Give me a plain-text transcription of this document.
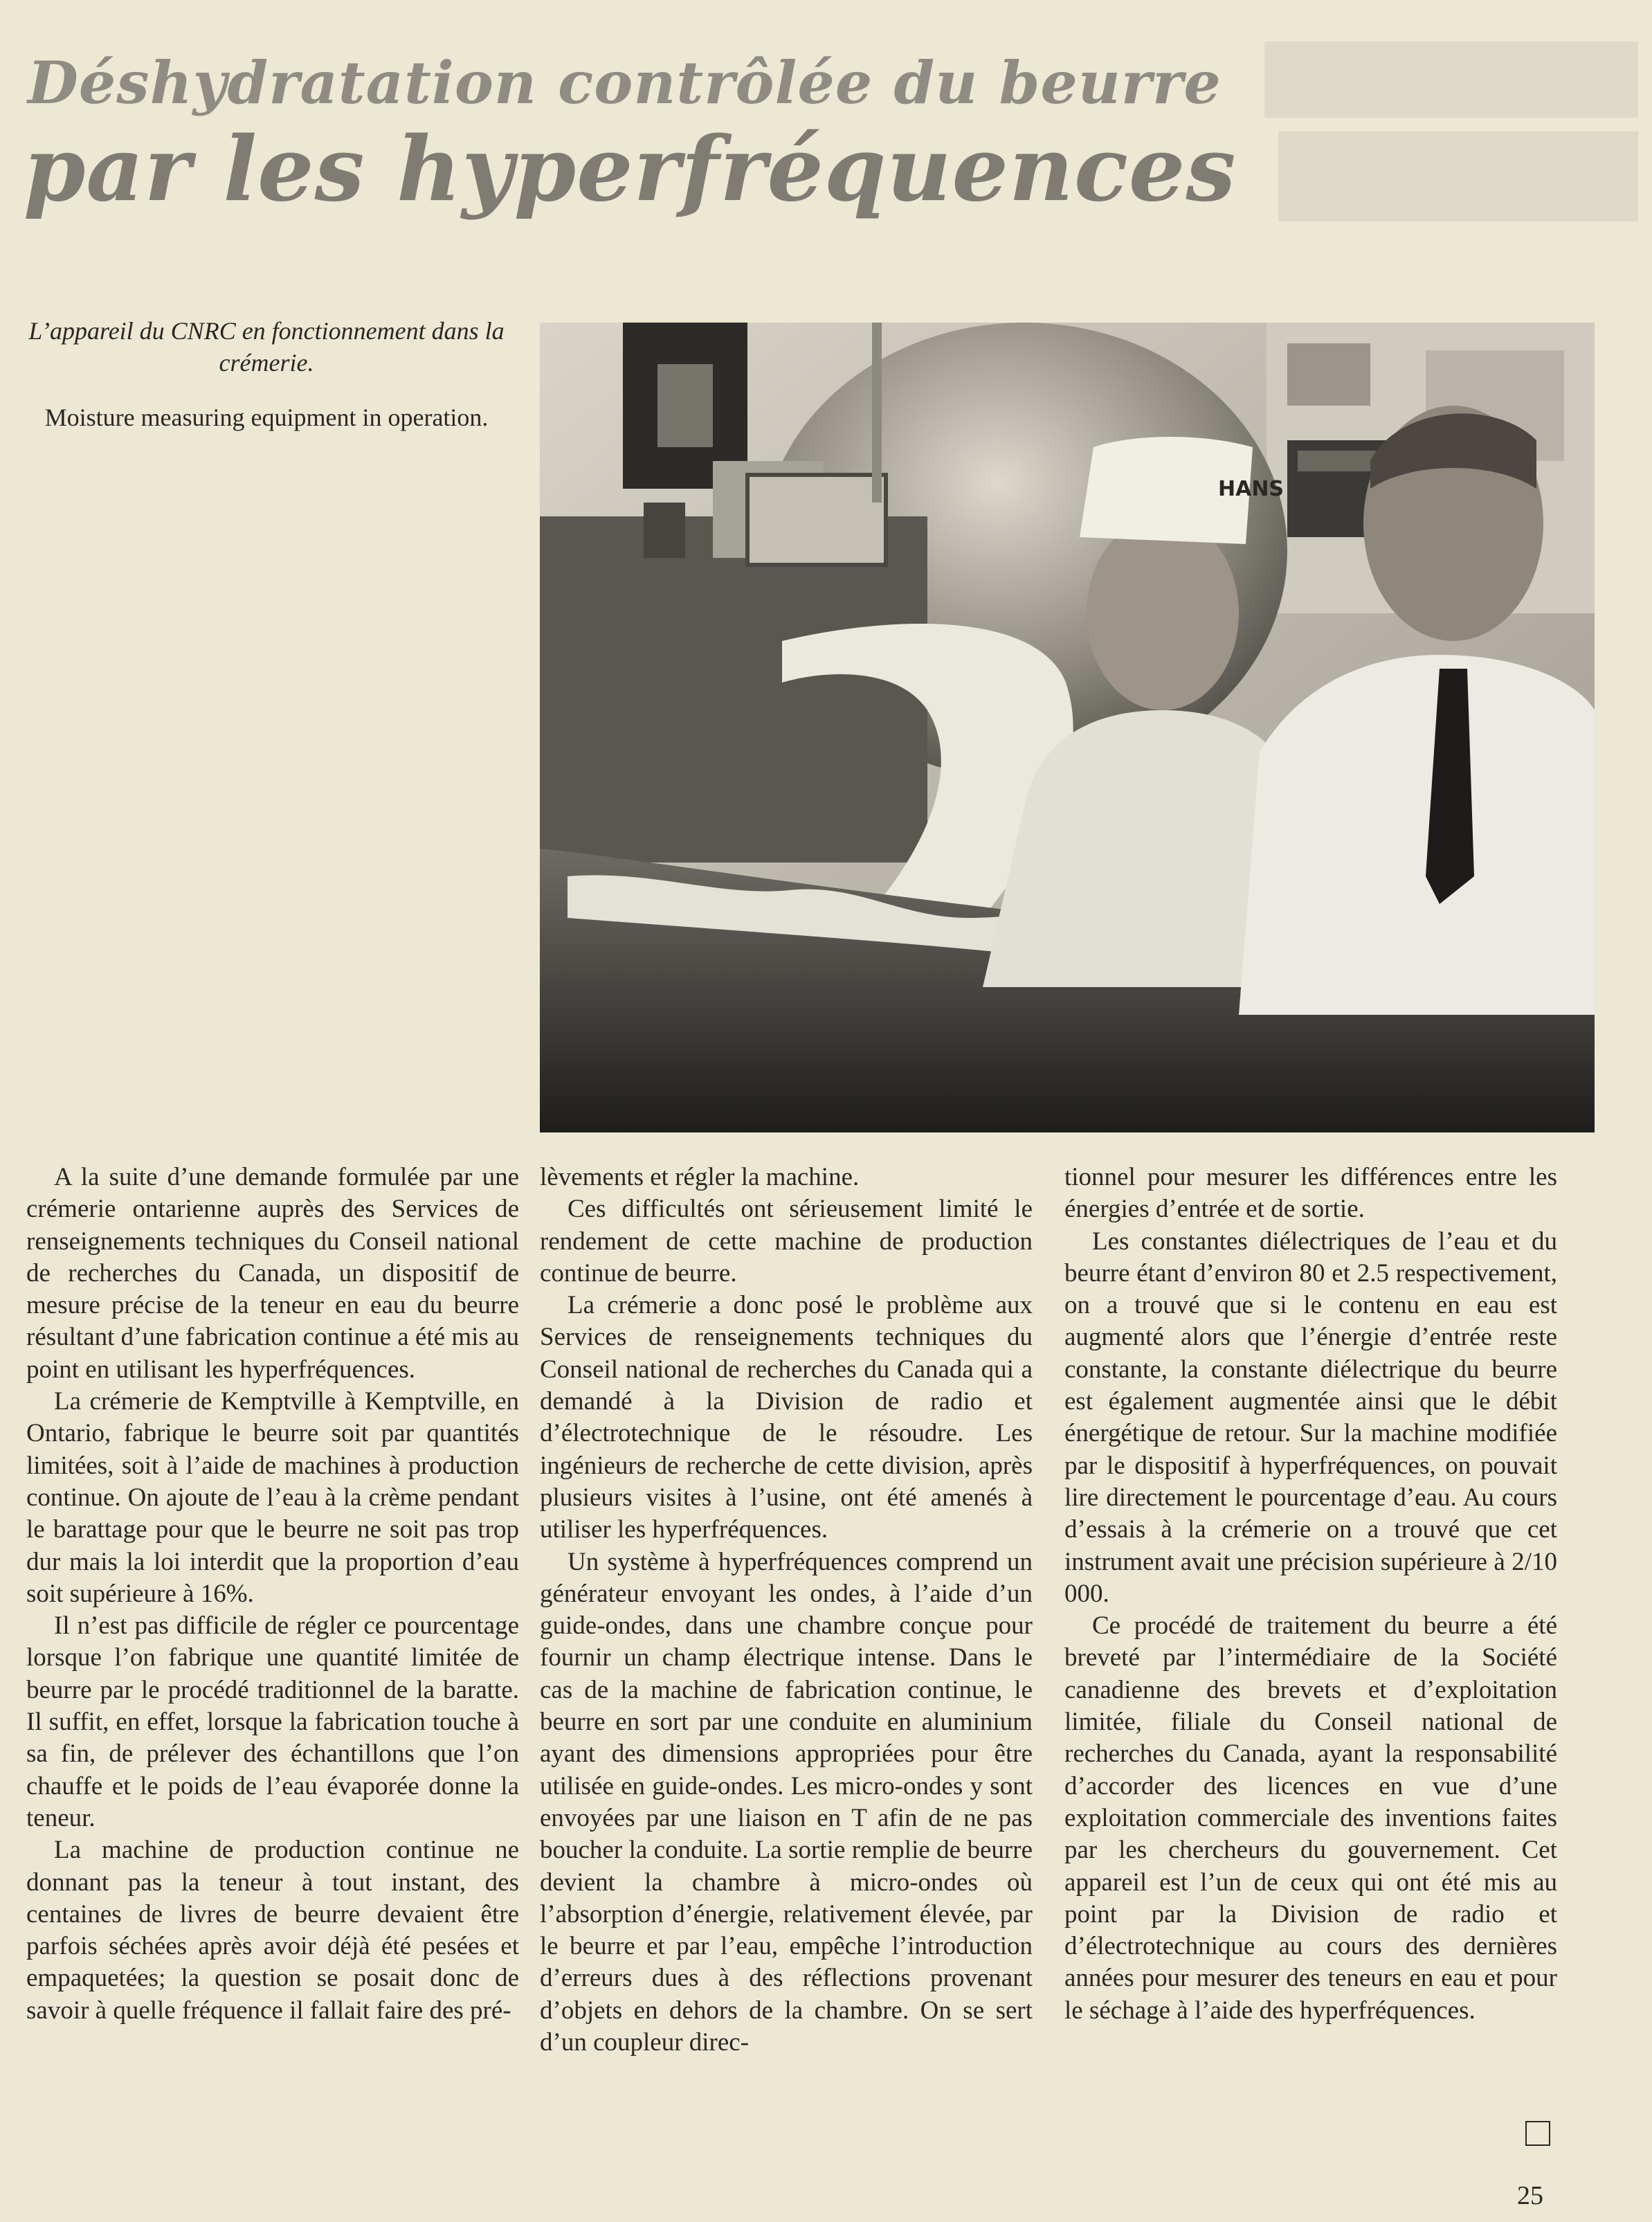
Déshydratation contrôlée du beurre
par les hyperfréquences
L’appareil du CNRC en fonctionnement dans la crémerie.
Moisture measuring equipment in operation.
HANS

A la suite d’une demande formulée par une crémerie ontarienne auprès des Services de renseignements techniques du Conseil national de recherches du Canada, un dispositif de mesure précise de la teneur en eau du beurre résultant d’une fabrication continue a été mis au point en utilisant les hyperfréquences.

La crémerie de Kemptville à Kemptville, en Ontario, fabrique le beurre soit par quantités limitées, soit à l’aide de machines à production continue. On ajoute de l’eau à la crème pendant le barattage pour que le beurre ne soit pas trop dur mais la loi interdit que la proportion d’eau soit supérieure à 16%.

Il n’est pas difficile de régler ce pourcentage lorsque l’on fabrique une quantité limitée de beurre par le procédé traditionnel de la baratte. Il suffit, en effet, lorsque la fabrication touche à sa fin, de prélever des échantillons que l’on chauffe et le poids de l’eau évaporée donne la teneur.

La machine de production continue ne donnant pas la teneur à tout instant, des centaines de livres de beurre devaient être parfois séchées après avoir déjà été pesées et empaquetées; la question se posait donc de savoir à quelle fréquence il fallait faire des pré-

lèvements et régler la machine.

Ces difficultés ont sérieusement limité le rendement de cette machine de production continue de beurre.

La crémerie a donc posé le problème aux Services de renseignements techniques du Conseil national de recherches du Canada qui a demandé à la Division de radio et d’électrotechnique de le résoudre. Les ingénieurs de recherche de cette division, après plusieurs visites à l’usine, ont été amenés à utiliser les hyperfréquences.

Un système à hyperfréquences comprend un générateur envoyant les ondes, à l’aide d’un guide-ondes, dans une chambre conçue pour fournir un champ électrique intense. Dans le cas de la machine de fabrication continue, le beurre en sort par une conduite en aluminium ayant des dimensions appropriées pour être utilisée en guide-ondes. Les micro-ondes y sont envoyées par une liaison en T afin de ne pas boucher la conduite. La sortie remplie de beurre devient la chambre à micro-ondes où l’absorption d’énergie, relativement élevée, par le beurre et par l’eau, empêche l’introduction d’erreurs dues à des réflections provenant d’objets en dehors de la chambre. On se sert d’un coupleur direc-

tionnel pour mesurer les différences entre les énergies d’entrée et de sortie.

Les constantes diélectriques de l’eau et du beurre étant d’environ 80 et 2.5 respectivement, on a trouvé que si le contenu en eau est augmenté alors que l’énergie d’entrée reste constante, la constante diélectrique du beurre est également augmentée ainsi que le débit énergétique de retour. Sur la machine modifiée par le dispositif à hyperfréquences, on pouvait lire directement le pourcentage d’eau. Au cours d’essais à la crémerie on a trouvé que cet instrument avait une précision supérieure à 2/10 000.

Ce procédé de traitement du beurre a été breveté par l’intermédiaire de la Société canadienne des brevets et d’exploitation limitée, filiale du Conseil national de recherches du Canada, ayant la responsabilité d’accorder des licences en vue d’une exploitation commerciale des inventions faites par les chercheurs du gouvernement. Cet appareil est l’un de ceux qui ont été mis au point par la Division de radio et d’électrotechnique au cours des dernières années pour mesurer des teneurs en eau et pour le séchage à l’aide des hyperfréquences.

25
